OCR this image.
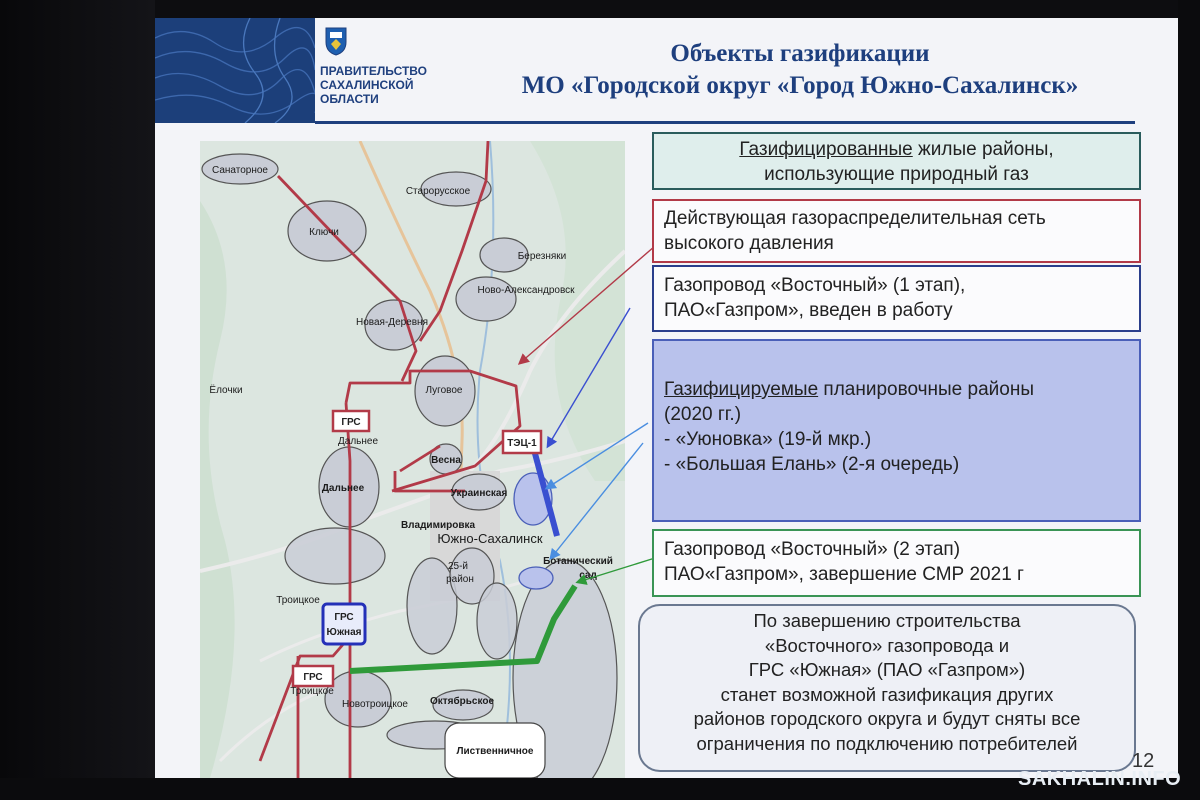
ПРАВИТЕЛЬСТВО
САХАЛИНСКОЙ
ОБЛАСТИ
Объекты газификации
МО «Городской округ «Город Южно-Сахалинск»
ГРС
ТЭЦ-1
ГРС
Южная
ГРС
Санаторное
Старорусское
Ключи
Березняки
Ново-Александровск
Новая-Деревня
Луговое
Ёлочки
Дальнее
Дальнее
Весна
Украинская
Владимировка
Южно-Сахалинск
25-й
район
Ботанический
сад
Троицкое
Троицкое
Новотроицкое Октябрьское
Лиственничное
Газифицированные жилые районы,
использующие природный газ
Действующая газораспределительная сеть
высокого давления
Газопровод «Восточный» (1 этап),
ПАО«Газпром», введен в работу
Газифицируемые планировочные районы
(2020 гг.)
- «Уюновка» (19-й мкр.)
- «Большая Елань» (2-я очередь)
Газопровод «Восточный» (2 этап)
ПАО«Газпром», завершение СМР 2021 г
По завершению строительства
«Восточного» газопровода и
ГРС «Южная» (ПАО «Газпром»)
станет возможной газификация других
районов городского округа и будут сняты все
ограничения по подключению потребителей
12
SAKHALIN.INFO
